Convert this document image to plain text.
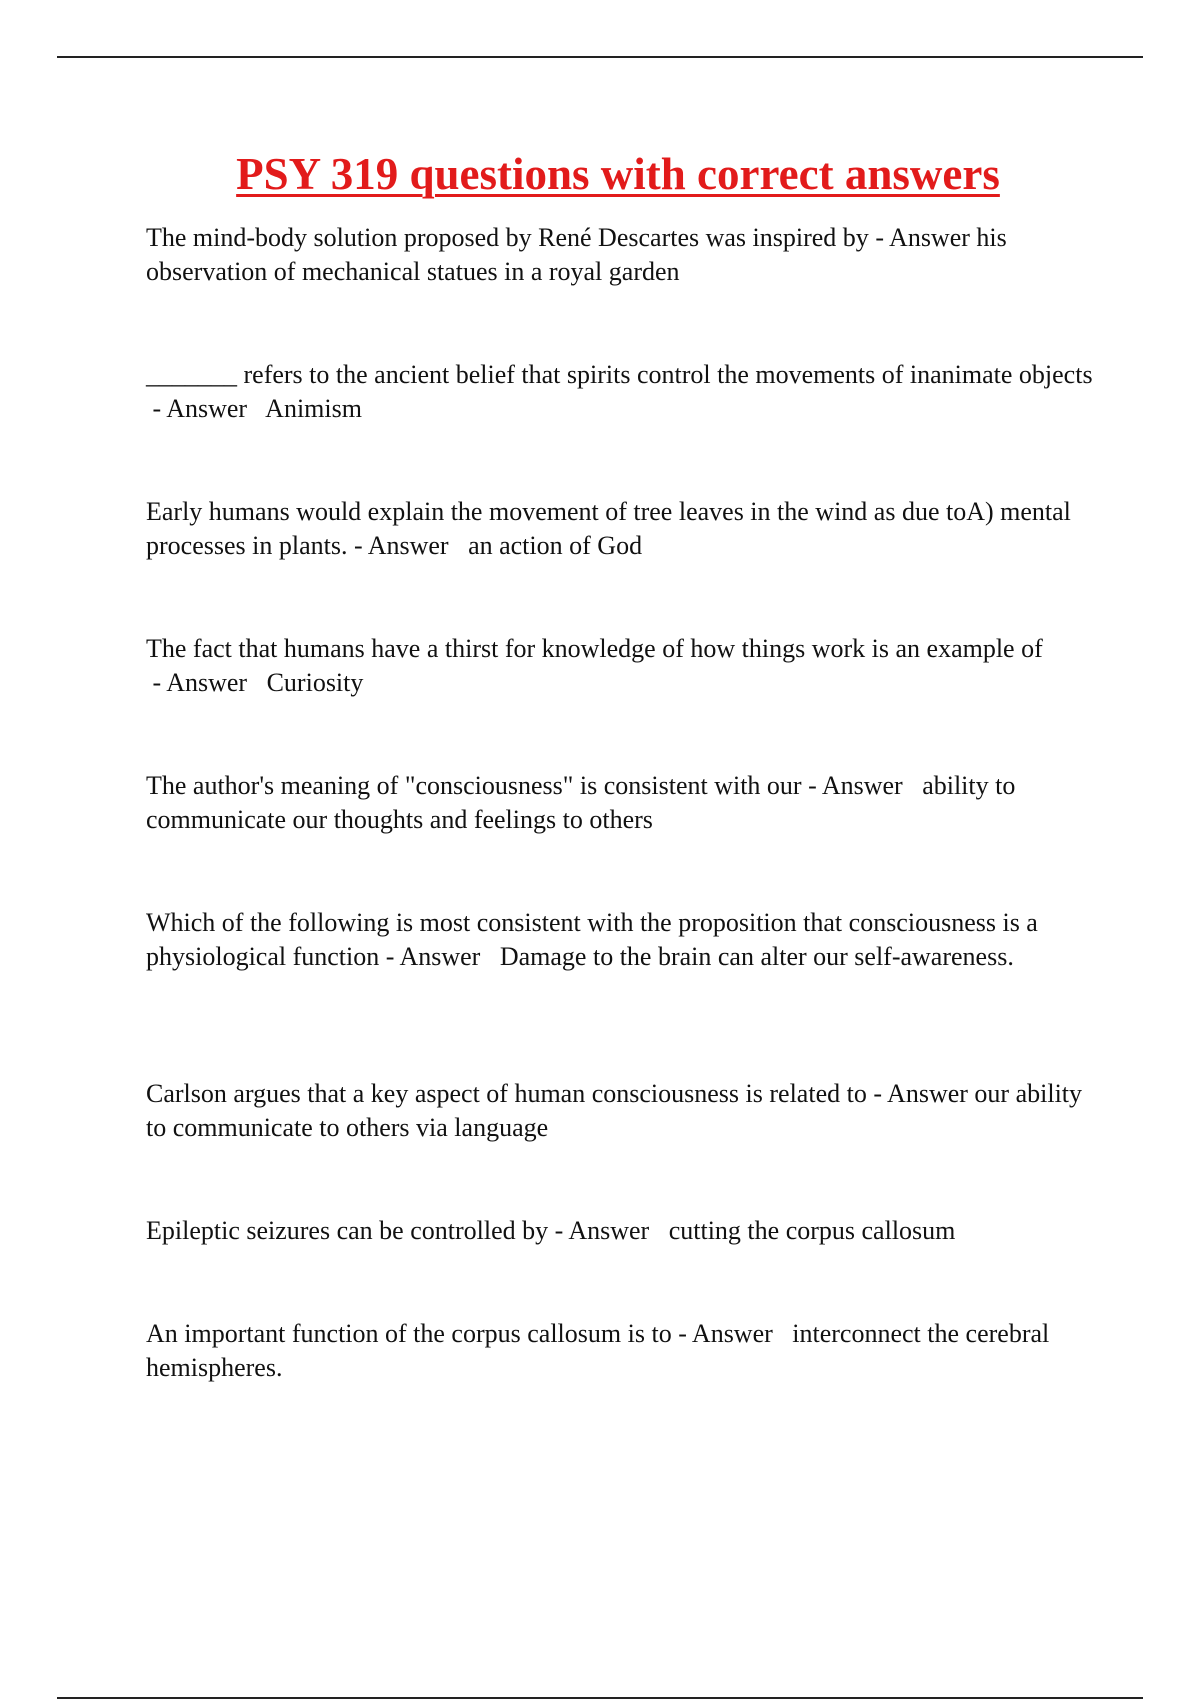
PSY 319 questions with correct answers

The mind-body solution proposed by René Descartes was inspired by - Answer his observation of mechanical statues in a royal garden

_______ refers to the ancient belief that spirits control the movements of inanimate objects - Answer   Animism

Early humans would explain the movement of tree leaves in the wind as due toA) mental processes in plants. - Answer   an action of God

The fact that humans have a thirst for knowledge of how things work is an example of - Answer   Curiosity

The author's meaning of "consciousness" is consistent with our - Answer   ability to communicate our thoughts and feelings to others

Which of the following is most consistent with the proposition that consciousness is a physiological function - Answer   Damage to the brain can alter our self-awareness.

Carlson argues that a key aspect of human consciousness is related to - Answer our ability to communicate to others via language

Epileptic seizures can be controlled by - Answer   cutting the corpus callosum

An important function of the corpus callosum is to - Answer   interconnect the cerebral hemispheres.
